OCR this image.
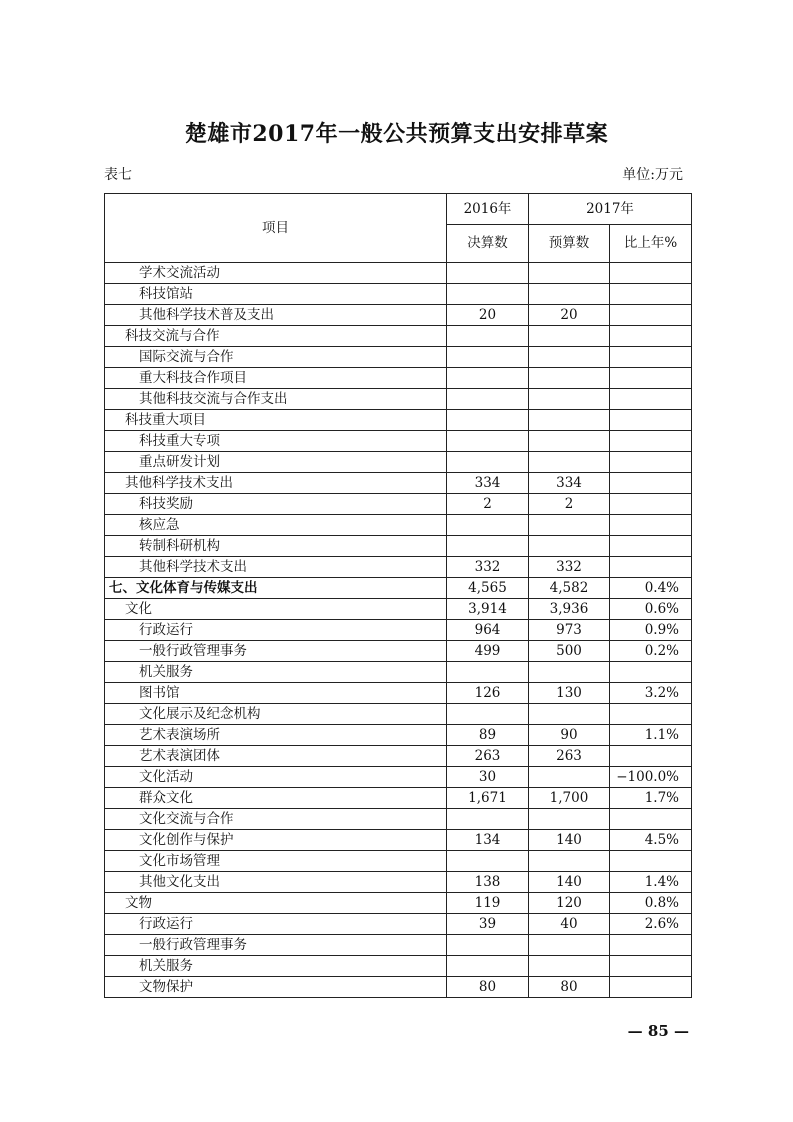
楚雄市2017年一般公共预算支出安排草案
表七	单位:万元
项目	2016年	2017年	
	决算数	预算数	比上年%
学术交流活动			
科技馆站			
其他科学技术普及支出	20	20	
科技交流与合作			
国际交流与合作			
重大科技合作项目			
其他科技交流与合作支出			
科技重大项目			
科技重大专项			
重点研发计划			
其他科学技术支出	334	334	
科技奖励	2	2	
核应急			
转制科研机构			
其他科学技术支出	332	332	
七、文化体育与传媒支出	4,565	4,582	0.4%
文化	3,914	3,936	0.6%
行政运行	964	973	0.9%
一般行政管理事务	499	500	0.2%
机关服务			
图书馆	126	130	3.2%
文化展示及纪念机构			
艺术表演场所	89	90	1.1%
艺术表演团体	263	263	
文化活动	30		−100.0%
群众文化	1,671	1,700	1.7%
文化交流与合作			
文化创作与保护	134	140	4.5%
文化市场管理			
其他文化支出	138	140	1.4%
文物	119	120	0.8%
行政运行	39	40	2.6%
一般行政管理事务			
机关服务			
文物保护	80	80	
— 85 —
